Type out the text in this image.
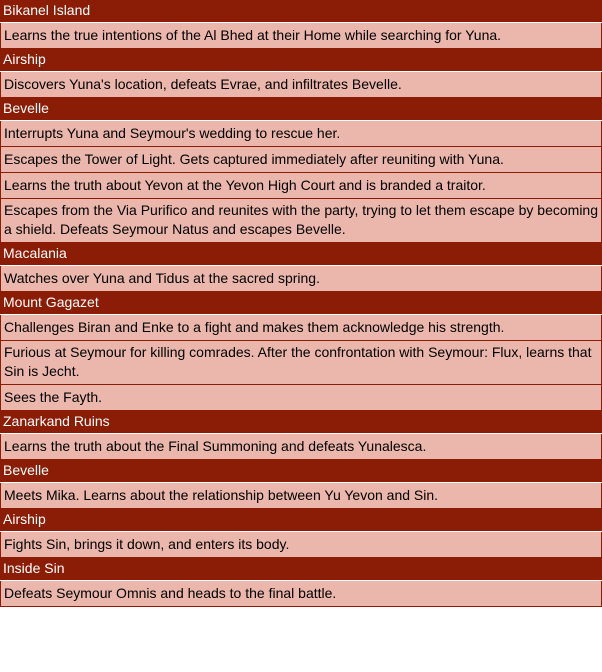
Bikanel Island
Learns the true intentions of the Al Bhed at their Home while searching for Yuna.
Airship
Discovers Yuna's location, defeats Evrae, and infiltrates Bevelle.
Bevelle
Interrupts Yuna and Seymour's wedding to rescue her.
Escapes the Tower of Light. Gets captured immediately after reuniting with Yuna.
Learns the truth about Yevon at the Yevon High Court and is branded a traitor.
Escapes from the Via Purifico and reunites with the party, trying to let them escape by becoming a shield. Defeats Seymour Natus and escapes Bevelle.
Macalania
Watches over Yuna and Tidus at the sacred spring.
Mount Gagazet
Challenges Biran and Enke to a fight and makes them acknowledge his strength.
Furious at Seymour for killing comrades. After the confrontation with Seymour: Flux, learns that Sin is Jecht.
Sees the Fayth.
Zanarkand Ruins
Learns the truth about the Final Summoning and defeats Yunalesca.
Bevelle
Meets Mika. Learns about the relationship between Yu Yevon and Sin.
Airship
Fights Sin, brings it down, and enters its body.
Inside Sin
Defeats Seymour Omnis and heads to the final battle.
